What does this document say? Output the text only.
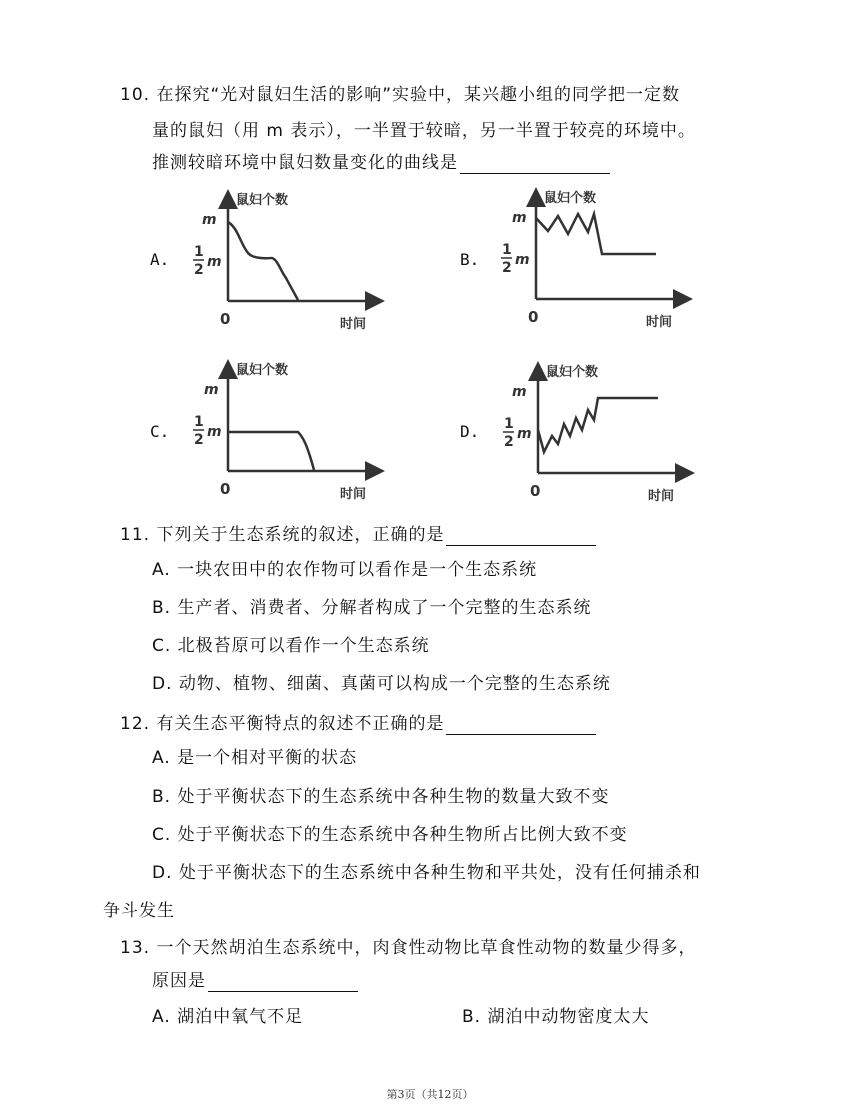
10. 在探究“光对鼠妇生活的影响”实验中，某兴趣小组的同学把一定数
量的鼠妇（用 m 表示），一半置于较暗，另一半置于较亮的环境中。
推测较暗环境中鼠妇数量变化的曲线是
A.	B.
C.	D.
鼠妇个数
m
1
2 m
0	时间
鼠妇个数
m
1
2 m
0	时间
鼠妇个数
m
1
2 m
0	时间
鼠妇个数
m
1
2 m
0	时间
11. 下列关于生态系统的叙述，正确的是
A. 一块农田中的农作物可以看作是一个生态系统
B. 生产者、消费者、分解者构成了一个完整的生态系统
C. 北极苔原可以看作一个生态系统
D. 动物、植物、细菌、真菌可以构成一个完整的生态系统
12. 有关生态平衡特点的叙述不正确的是
A. 是一个相对平衡的状态
B. 处于平衡状态下的生态系统中各种生物的数量大致不变
C. 处于平衡状态下的生态系统中各种生物所占比例大致不变
D. 处于平衡状态下的生态系统中各种生物和平共处，没有任何捕杀和
争斗发生
13. 一个天然胡泊生态系统中，肉食性动物比草食性动物的数量少得多，
原因是
A. 湖泊中氧气不足	B. 湖泊中动物密度太大
第3页（共12页）
